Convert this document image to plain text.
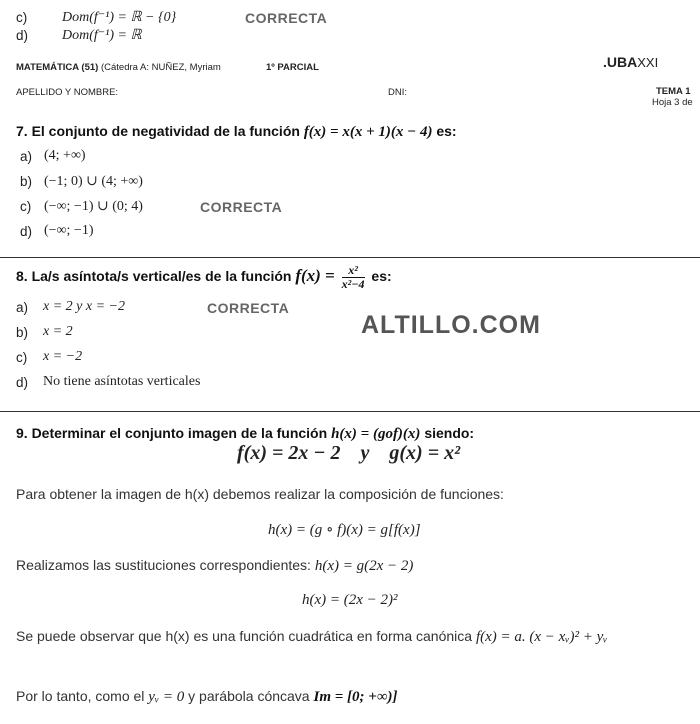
c) Dom(f⁻¹) = ℝ − {0}	CORRECTA
d) Dom(f⁻¹) = ℝ
MATEMÁTICA (51) (Cátedra A: NUÑEZ, Myriam	1º PARCIAL	.UBAXXI
APELLIDO Y NOMBRE:	DNI:	TEMA 1
Hoja 3 de
7. El conjunto de negatividad de la función f(x) = x(x + 1)(x − 4) es:
a) (4; +∞)
b) (−1; 0) ∪ (4; +∞)
c) (−∞; −1) ∪ (0; 4)	CORRECTA
d) (−∞; −1)
8. La/s asíntota/s vertical/es de la función $f(x) = \frac{\text{x²}}{\text{x²−4}}$ es:
a) x = 2 y x = −2	CORRECTA
ALTILLO.COM
b) x = 2
c) x = −2
d) No tiene asíntotas verticales
9. Determinar el conjunto imagen de la función h(x) = (gof)(x) siendo:
f(x) = 2x − 2    y    g(x) = x²
Para obtener la imagen de h(x) debemos realizar la composición de funciones:
h(x) = (g ∘ f)(x) = g[f(x)]
Realizamos las sustituciones correspondientes: h(x) = g(2x − 2)
h(x) = (2x − 2)²
Se puede observar que h(x) es una función cuadrática en forma canónica f(x) = a. (x − xᵥ)² + yᵥ
Por lo tanto, como el yᵥ = 0 y parábola cóncava Im = [0; +∞)]
